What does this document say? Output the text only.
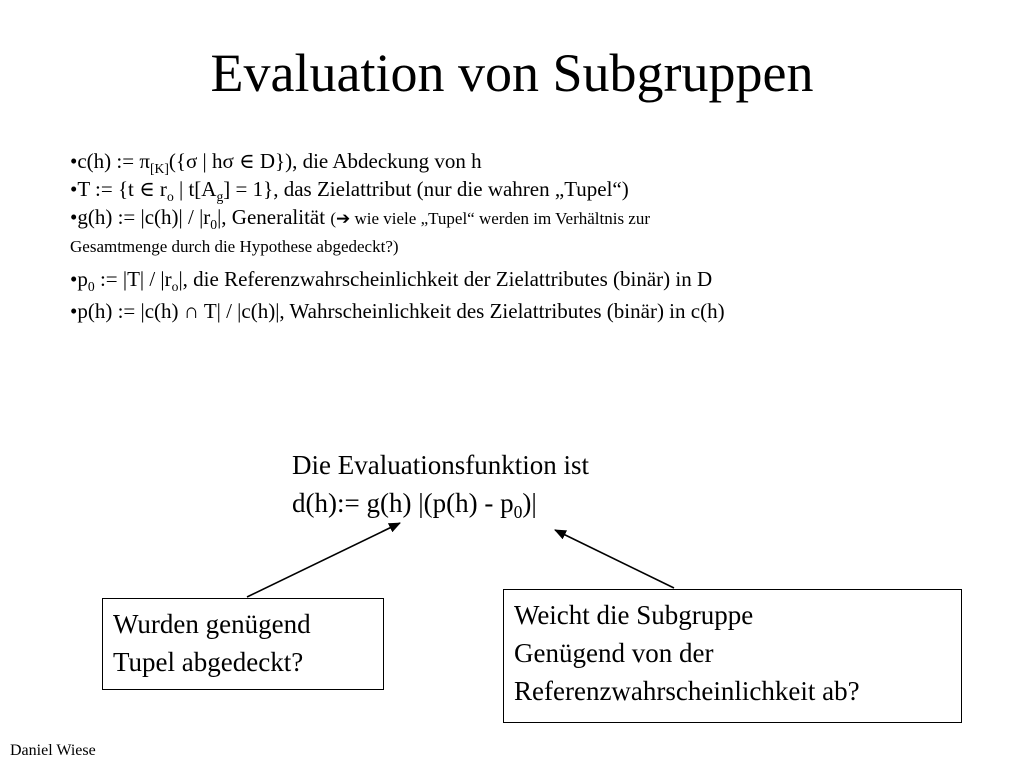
Evaluation von Subgruppen
•c(h) := $\pi_{[K]}(\{\sigma$ | hσ ∈ D}), die Abdeckung von h
•T := {t ∈ $r_o$ | $t[A_g] = 1$}, das Zielattribut (nur die wahren „Tupel“)
•g(h) := $|c(h)| / |r_0|$, Generalität (➔ wie viele „Tupel“ werden im Verhältnis zur
Gesamtmenge durch die Hypothese abgedeckt?)
$•p_0$ := $|T| / |r_o|$, die Referenzwahrscheinlichkeit der Zielattributes (binär) in D
•p(h) := |c(h) ∩ T| / |c(h)|, Wahrscheinlichkeit des Zielattributes (binär) in c(h)
Die Evaluationsfunktion ist
d(h):= g(h) $|(p(h) - p_0)|$
Wurden genügend
Tupel abgedeckt?
Weicht die Subgruppe
Genügend von der
Referenzwahrscheinlichkeit ab?
Daniel Wiese
